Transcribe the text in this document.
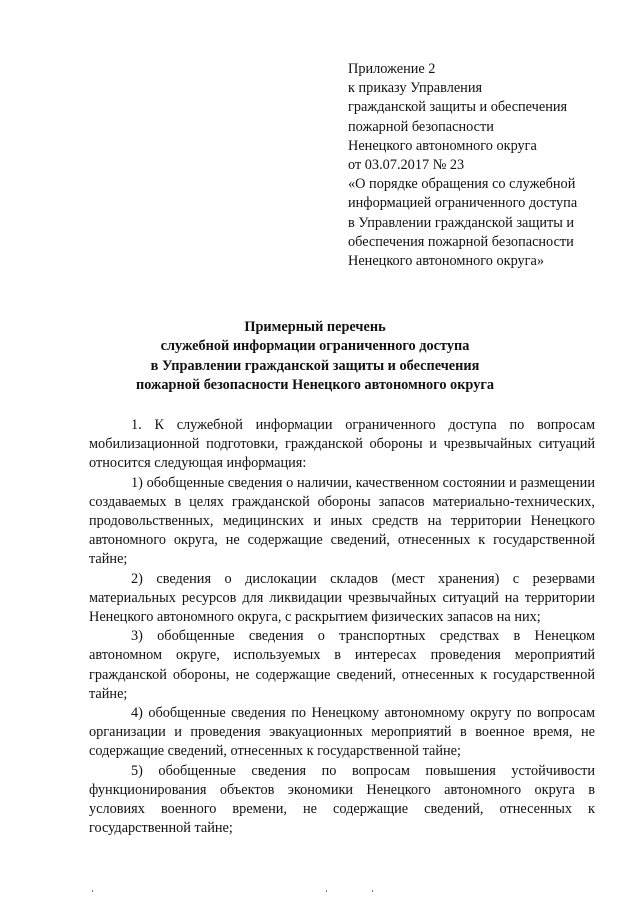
Приложение 2
к приказу Управления
гражданской защиты и обеспечения
пожарной безопасности
Ненецкого автономного округа
от 03.07.2017 № 23
«О порядке обращения со служебной
информацией ограниченного доступа
в Управлении гражданской защиты и
обеспечения пожарной безопасности
Ненецкого автономного округа»
Примерный перечень
служебной информации ограниченного доступа
в Управлении гражданской защиты и обеспечения
пожарной безопасности Ненецкого автономного округа

1. К служебной информации ограниченного доступа по вопросам мобилизационной подготовки, гражданской обороны и чрезвычайных ситуаций относится следующая информация:

1) обобщенные сведения о наличии, качественном состоянии и размещении создаваемых в целях гражданской обороны запасов материально-технических, продовольственных, медицинских и иных средств на территории Ненецкого автономного округа, не содержащие сведений, отнесенных к государственной тайне;

2) сведения о дислокации складов (мест хранения) с резервами материальных ресурсов для ликвидации чрезвычайных ситуаций на территории Ненецкого автономного округа, с раскрытием физических запасов на них;

3) обобщенные сведения о транспортных средствах в Ненецком автономном округе, используемых в интересах проведения мероприятий гражданской обороны, не содержащие сведений, отнесенных к государственной тайне;

4) обобщенные сведения по Ненецкому автономному округу по вопросам организации и проведения эвакуационных мероприятий в военное время, не содержащие сведений, отнесенных к государственной тайне;

5) обобщенные сведения по вопросам повышения устойчивости функционирования объектов экономики Ненецкого автономного округа в условиях военного времени, не содержащие сведений, отнесенных к государственной тайне;
